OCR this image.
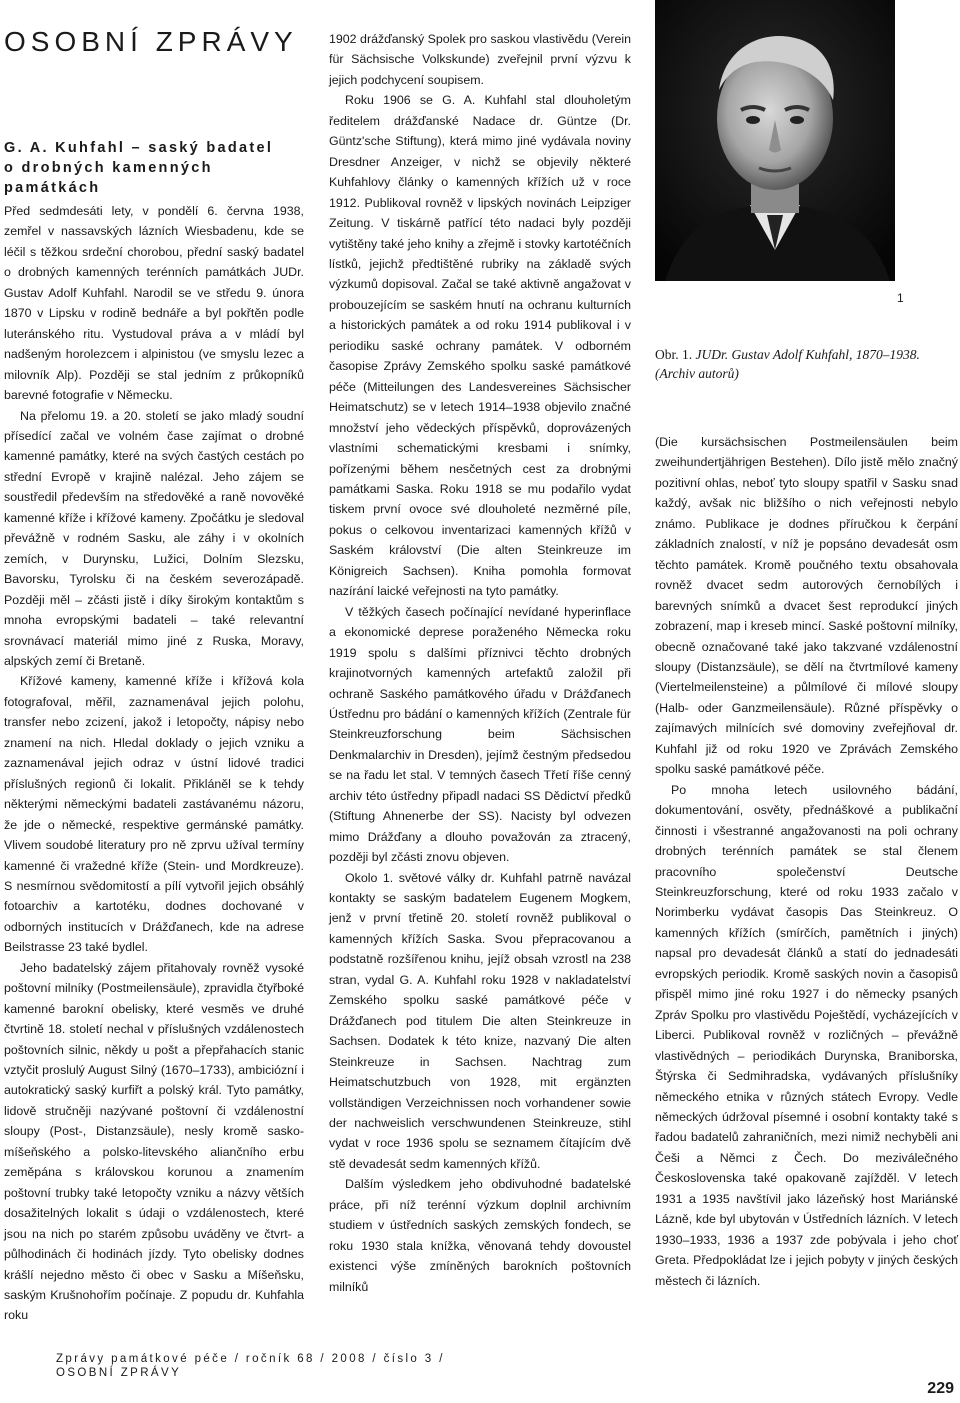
OSOBNÍ ZPRÁVY
G. A. Kuhfahl – saský badatel
o drobných kamenných památkách

Před sedmdesáti lety, v pondělí 6. června 1938, zemřel v nassavských lázních Wiesbadenu, kde se léčil s těžkou srdeční chorobou, přední saský badatel o drobných kamenných terénních památkách JUDr. Gustav Adolf Kuhfahl. Narodil se ve středu 9. února 1870 v Lipsku v rodině bednáře a byl pokřtěn podle luteránského ritu. Vystudoval práva a v mládí byl nadšeným horolezcem i alpinistou (ve smyslu lezec a milovník Alp). Později se stal jedním z průkopníků barevné fotografie v Německu.

Na přelomu 19. a 20. století se jako mladý soudní přísedící začal ve volném čase zajímat o drobné kamenné památky, které na svých častých cestách po střední Evropě v krajině nalézal. Jeho zájem se soustředil především na středověké a raně novověké kamenné kříže i křížové kameny. Zpočátku je sledoval převážně v rodném Sasku, ale záhy i v okolních zemích, v Durynsku, Lužici, Dolním Slezsku, Bavorsku, Tyrolsku či na českém severozápadě. Později měl – zčásti jistě i díky širokým kontaktům s mnoha evropskými badateli – také relevantní srovnávací materiál mimo jiné z Ruska, Moravy, alpských zemí či Bretaně.

Křížové kameny, kamenné kříže i křížová kola fotografoval, měřil, zaznamenával jejich polohu, transfer nebo zcizení, jakož i letopočty, nápisy nebo znamení na nich. Hledal doklady o jejich vzniku a zaznamenával jejich odraz v ústní lidové tradici příslušných regionů či lokalit. Přikláněl se k tehdy některými německými badateli zastávanému názoru, že jde o německé, respektive germánské památky. Vlivem soudobé literatury pro ně zprvu užíval termíny kamenné či vražedné kříže (Stein- und Mordkreuze). S nesmírnou svědomitostí a pílí vytvořil jejich obsáhlý fotoarchiv a kartotéku, dodnes dochované v odborných institucích v Drážďanech, kde na adrese Beilstrasse 23 také bydlel.

Jeho badatelský zájem přitahovaly rovněž vysoké poštovní milníky (Postmeilensäule), zpravidla čtyřboké kamenné barokní obelisky, které vesměs ve druhé čtvrtině 18. století nechal v příslušných vzdálenostech poštovních silnic, někdy u pošt a přepřahacích stanic vztyčit proslulý August Silný (1670–1733), ambiciózní i autokratický saský kurfiřt a polský král. Tyto památky, lidově stručněji nazývané poštovní či vzdálenostní sloupy (Post-, Distanzsäule), nesly kromě sasko-míšeňského a polsko-litevského aliančního erbu zeměpána s královskou korunou a znamením poštovní trubky také letopočty vzniku a názvy větších dosažitelných lokalit s údaji o vzdálenostech, které jsou na nich po starém způsobu uváděny ve čtvrt- a půlhodinách či hodinách jízdy. Tyto obelisky dodnes krášlí nejedno město či obec v Sasku a Míšeňsku, saským Krušnohořím počínaje. Z popudu dr. Kuhfahla roku

1902 drážďanský Spolek pro saskou vlastivědu (Verein für Sächsische Volkskunde) zveřejnil první výzvu k jejich podchycení soupisem.

Roku 1906 se G. A. Kuhfahl stal dlouholetým ředitelem drážďanské Nadace dr. Güntze (Dr. Güntz'sche Stiftung), která mimo jiné vydávala noviny Dresdner Anzeiger, v nichž se objevily některé Kuhfahlovy články o kamenných křížích už v roce 1912. Publikoval rovněž v lipských novinách Leipziger Zeitung. V tiskárně patřící této nadaci byly později vytištěny také jeho knihy a zřejmě i stovky kartotéčních lístků, jejichž předtištěné rubriky na základě svých výzkumů dopisoval. Začal se také aktivně angažovat v probouzejícím se saském hnutí na ochranu kulturních a historických památek a od roku 1914 publikoval i v periodiku saské ochrany památek. V odborném časopise Zprávy Zemského spolku saské památkové péče (Mitteilungen des Landesvereines Sächsischer Heimatschutz) se v letech 1914–1938 objevilo značné množství jeho vědeckých příspěvků, doprovázených vlastními schematickými kresbami i snímky, pořízenými během nesčetných cest za drobnými památkami Saska. Roku 1918 se mu podařilo vydat tiskem první ovoce své dlouholeté nezměrné píle, pokus o celkovou inventarizaci kamenných křížů v Saském království (Die alten Steinkreuze im Königreich Sachsen). Kniha pomohla formovat nazírání laické veřejnosti na tyto památky.

V těžkých časech počínající nevídané hyperinflace a ekonomické deprese poraženého Německa roku 1919 spolu s dalšími příznivci těchto drobných krajinotvorných kamenných artefaktů založil při ochraně Saského památkového úřadu v Drážďanech Ústřednu pro bádání o kamenných křížích (Zentrale für Steinkreuzforschung beim Sächsischen Denkmalarchiv in Dresden), jejímž čestným předsedou se na řadu let stal. V temných časech Třetí říše cenný archiv této ústředny připadl nadaci SS Dědictví předků (Stiftung Ahnenerbe der SS). Nacisty byl odvezen mimo Drážďany a dlouho považován za ztracený, později byl zčásti znovu objeven.

Okolo 1. světové války dr. Kuhfahl patrně navázal kontakty se saským badatelem Eugenem Mogkem, jenž v první třetině 20. století rovněž publikoval o kamenných křížích Saska. Svou přepracovanou a podstatně rozšířenou knihu, jejíž obsah vzrostl na 238 stran, vydal G. A. Kuhfahl roku 1928 v nakladatelství Zemského spolku saské památkové péče v Drážďanech pod titulem Die alten Steinkreuze in Sachsen. Dodatek k této knize, nazvaný Die alten Steinkreuze in Sachsen. Nachtrag zum Heimatschutzbuch von 1928, mit ergänzten vollständigen Verzeichnissen noch vorhandener sowie der nachweislich verschwundenen Steinkreuze, stihl vydat v roce 1936 spolu se seznamem čítajícím dvě stě devadesát sedm kamenných křížů.

Dalším výsledkem jeho obdivuhodné badatelské práce, při níž terénní výzkum doplnil archivním studiem v ústředních saských zemských fondech, se roku 1930 stala knížka, věnovaná tehdy dovoustel existenci výše zmíněných barokních poštovních milníků

1
Obr. 1. JUDr. Gustav Adolf Kuhfahl, 1870–1938.
(Archiv autorů)

(Die kursächsischen Postmeilensäulen beim zweihundertjährigen Bestehen). Dílo jistě mělo značný pozitivní ohlas, neboť tyto sloupy spatřil v Sasku snad každý, avšak nic bližšího o nich veřejnosti nebylo známo. Publikace je dodnes příručkou k čerpání základních znalostí, v níž je popsáno devadesát osm těchto památek. Kromě poučného textu obsahovala rovněž dvacet sedm autorových černobílých i barevných snímků a dvacet šest reprodukcí jiných zobrazení, map i kreseb mincí. Saské poštovní milníky, obecně označované také jako takzvané vzdálenostní sloupy (Distanzsäule), se dělí na čtvrtmílové kameny (Viertelmeilensteine) a půlmílové či mílové sloupy (Halb- oder Ganzmeilensäule). Různé příspěvky o zajímavých milnících své domoviny zveřejňoval dr. Kuhfahl již od roku 1920 ve Zprávách Zemského spolku saské památkové péče.

Po mnoha letech usilovného bádání, dokumentování, osvěty, přednáškové a publikační činnosti i všestranné angažovanosti na poli ochrany drobných terénních památek se stal členem pracovního společenství Deutsche Steinkreuzforschung, které od roku 1933 začalo v Norimberku vydávat časopis Das Steinkreuz. O kamenných křížích (smírčích, pamětních i jiných) napsal pro devadesát článků a statí do jednadesáti evropských periodik. Kromě saských novin a časopisů přispěl mimo jiné roku 1927 i do německy psaných Zpráv Spolku pro vlastivědu Poještědí, vycházejících v Liberci. Publikoval rovněž v rozličných – převážně vlastivědných – periodikách Durynska, Braniborska, Štýrska či Sedmihradska, vydávaných příslušníky německého etnika v různých státech Evropy. Vedle německých údržoval písemné i osobní kontakty také s řadou badatelů zahraničních, mezi nimiž nechyběli ani Češi a Němci z Čech. Do meziválečného Československa také opakovaně zajížděl. V letech 1931 a 1935 navštívil jako lázeňský host Mariánské Lázně, kde byl ubytován v Ústředních lázních. V letech 1930–1933, 1936 a 1937 zde pobývala i jeho choť Greta. Předpokládat lze i jejich pobyty v jiných českých městech či lázních.

Zprávy památkové péče / ročník 68 / 2008 / číslo 3 /
OSOBNÍ ZPRÁVY
229
